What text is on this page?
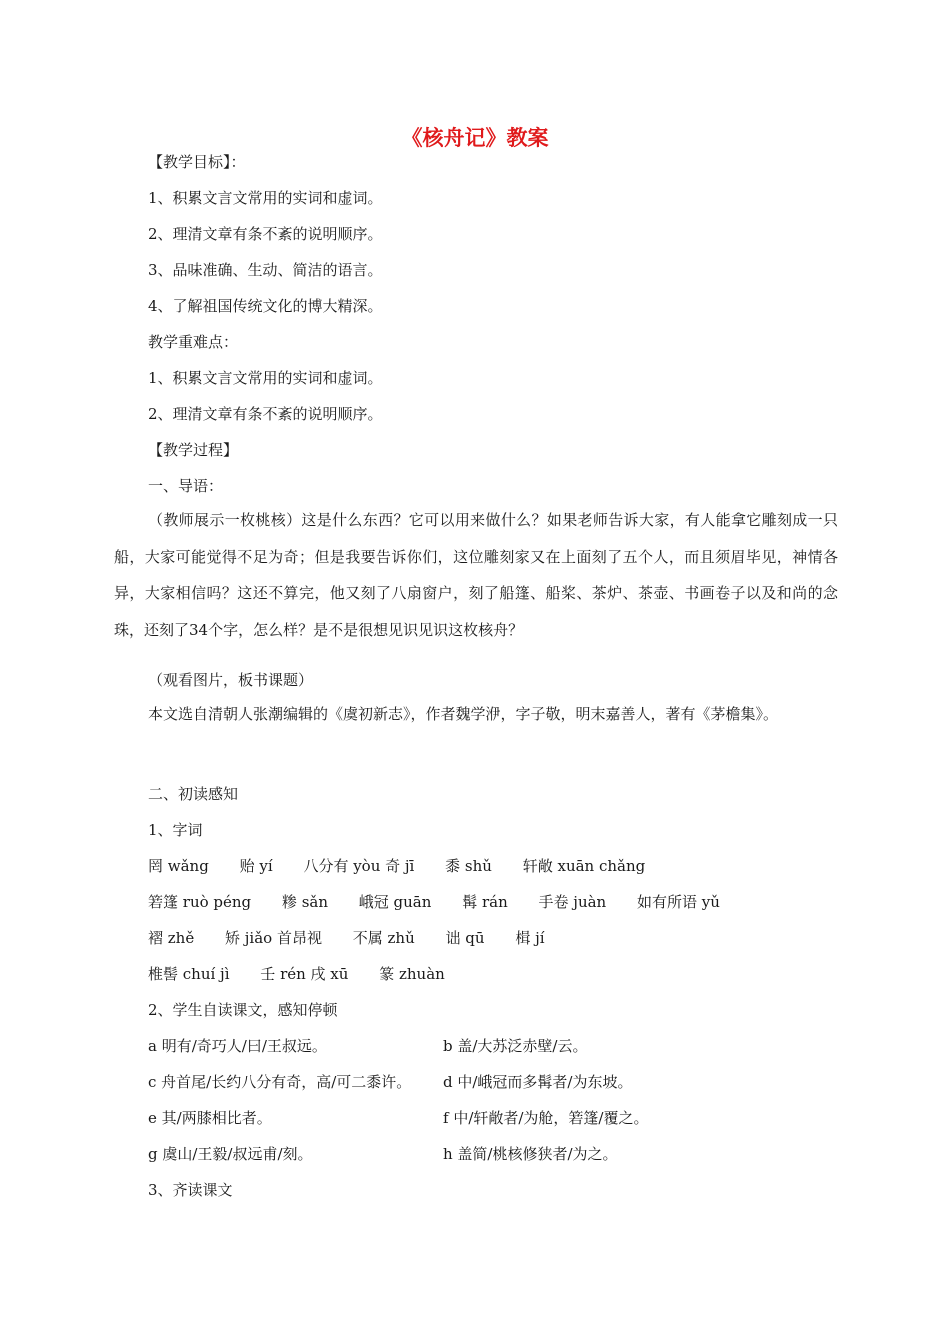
《核舟记》教案
【教学目标】：
1、积累文言文常用的实词和虚词。
2、理清文章有条不紊的说明顺序。
3、品味准确、生动、简洁的语言。
4、了解祖国传统文化的博大精深。
教学重难点：
1、积累文言文常用的实词和虚词。
2、理清文章有条不紊的说明顺序。
【教学过程】
一、导语：
（教师展示一枚桃核）这是什么东西？它可以用来做什么？如果老师告诉大家，有人能拿它雕刻成一只船，大家可能觉得不足为奇；但是我要告诉你们，这位雕刻家又在上面刻了五个人，而且须眉毕见，神情各异，大家相信吗？这还不算完，他又刻了八扇窗户，刻了船篷、船桨、茶炉、茶壶、书画卷子以及和尚的念珠，还刻了34个字，怎么样？是不是很想见识见识这枚核舟？
（观看图片，板书课题）
本文选自清朝人张潮编辑的《虞初新志》，作者魏学洢，字子敬，明末嘉善人，著有《茅檐集》。
二、初读感知
1、字词
罔 wǎng 贻 yí 八分有 yòu 奇 jī 黍 shǔ 轩敞 xuān chǎng
箬篷 ruò péng 糁 sǎn 峨冠 guān 髯 rán 手卷 juàn 如有所语 yǔ
褶 zhě 矫 jiǎo 首昂视 不属 zhǔ 诎 qū 楫 jí
椎髻 chuí jì 壬 rén 戌 xū 篆 zhuàn
2、学生自读课文，感知停顿
a 明有/奇巧人/曰/王叔远。	b 盖/大苏泛赤壁/云。
c 舟首尾/长约八分有奇，高/可二黍许。 d 中/峨冠而多髯者/为东坡。
e 其/两膝相比者。	f 中/轩敞者/为舱，箬篷/覆之。
g 虞山/王毅/叔远甫/刻。	h 盖简/桃核修狭者/为之。
3、齐读课文
